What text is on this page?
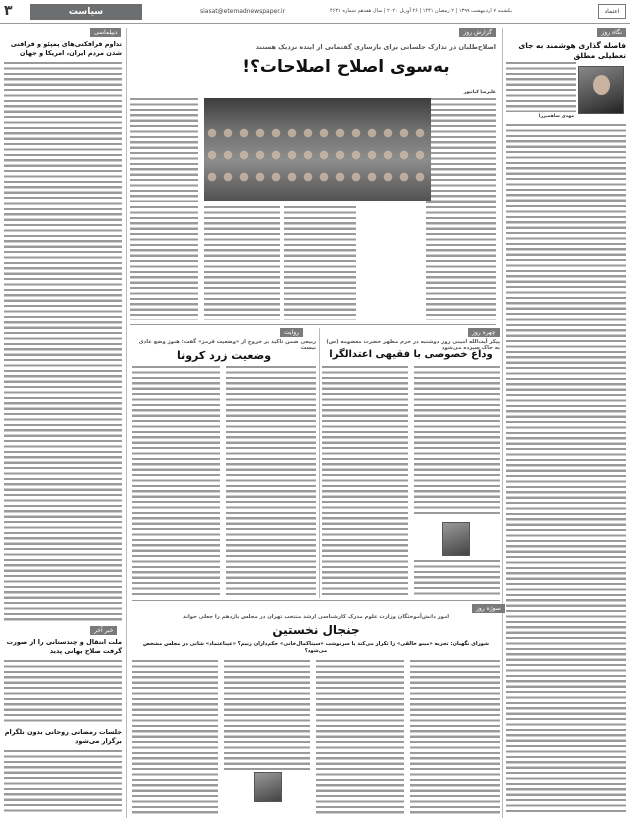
۳	سیاست	siasat@etemadnewspaper.ir	یکشنبه ۷ اردیبهشت ۱۳۹۹ | ۲ رمضان ۱۴۴۱ | ۲۶ آوریل ۲۰۲۰ | سال هفدهم شماره ۴۶۳۱	اعتماد
نگاه روز
فاصله گذاری هوشمند به جای تعطیلی مطلق
مهدی شاهمیرزا
گزارش روز
اصلاح‌طلبان در تدارک جلساتی برای بازسازی گفتمانی از اینده نزدیک هستند
به‌سوی اصلاح اصلاحات؟!
علیرضا کیانپور
دیپلماسی
تداوم فرافکنی‌های پمپئو و فرافنی شدن مردم ایران، امریکا و جهان
خبر آخر
ملت انتقال و چندستانی را از صورت گرفت صلاح بهانی پدید
جلسات رمضانی روحانی بدون تلگرام برگزار می‌شود
روایت
ربیعی ضمن تاکید بر خروج از «وضعیت قرمز» گفت: هنوز وضع عادی نیست
وضعیت زرد کرونا
چهره روز
پیکر آیت‌الله امینی روز دوشنبه در حرم مطهر حضرت معصومه (س) به خاک سپرده می‌شود
وداع خصوصی با فقیهی اعتدالگرا
سوژه روز
امور دانش‌آموختگان وزارت علوم مدرک کارشناسی ارشد منتخب تهران در مجلس یازدهم را جعلی خواند
جنجال نخستین
شورای نگهبان: تجربه «مینو خالقی» را تکرار می‌کند یا سرنوشت «سیناکمال‌خانی» حکم‌داران زنیم؟ «عیناعتماد» شانی در مجلس مشخص می‌شود؟
